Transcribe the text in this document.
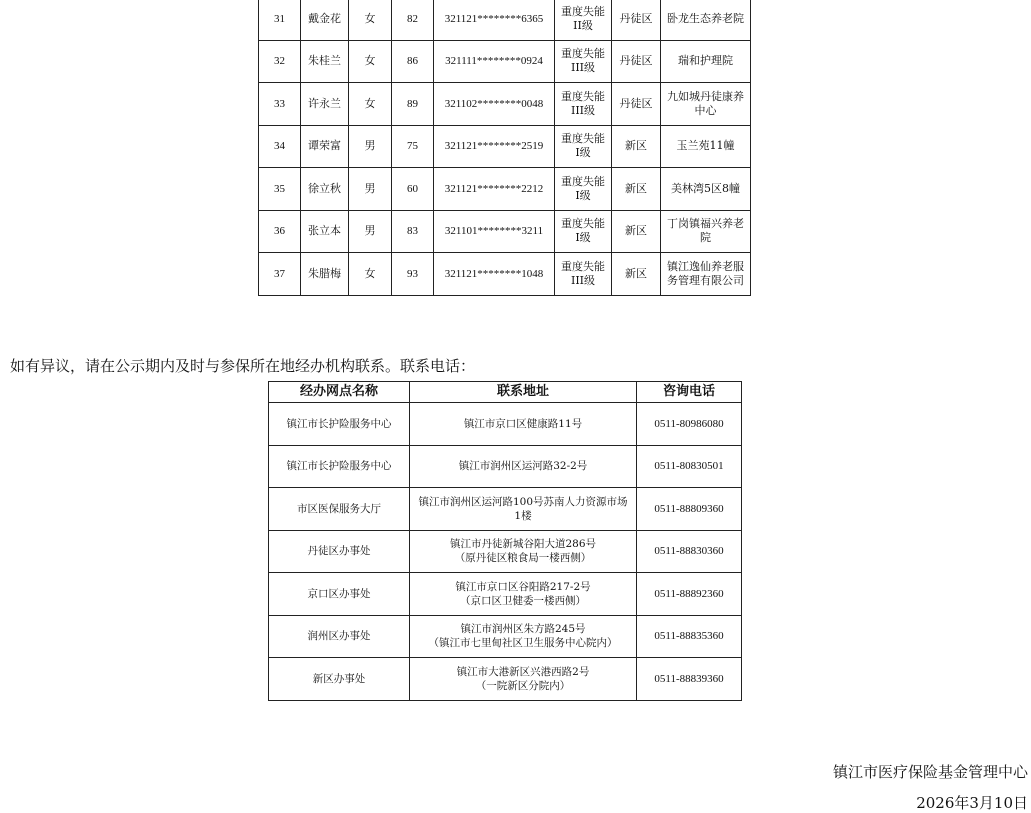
31	戴金花	女	82	321121********6365	重度失能
II级	丹徒区	卧龙生态养老院

32	朱桂兰	女	86	321111********0924	重度失能
III级	丹徒区	瑞和护理院

33	许永兰	女	89	321102********0048	重度失能
III级	丹徒区	九如城丹徒康养
中心

34	谭荣富	男	75	321121********2519	重度失能
I级	新区	玉兰苑11幢

35	徐立秋	男	60	321121********2212	重度失能
I级	新区	美林湾5区8幢

36	张立本	男	83	321101********3211	重度失能
I级	新区	丁岗镇福兴养老
院

37	朱腊梅	女	93	321121********1048	重度失能
III级	新区	镇江逸仙养老服
务管理有限公司
如有异议，请在公示期内及时与参保所在地经办机构联系。联系电话：
经办网点名称	联系地址	咨询电话
镇江市长护险服务中心	镇江市京口区健康路11号	0511-80986080
镇江市长护险服务中心	镇江市润州区运河路32-2号	0511-80830501
市区医保服务大厅	镇江市润州区运河路100号苏南人力资源市场
1楼	0511-88809360
丹徒区办事处	镇江市丹徒新城谷阳大道286号
（原丹徒区粮食局一楼西侧）	0511-88830360
京口区办事处	镇江市京口区谷阳路217-2号
（京口区卫健委一楼西侧）	0511-88892360
润州区办事处	镇江市润州区朱方路245号
（镇江市七里甸社区卫生服务中心院内）	0511-88835360
新区办事处	镇江市大港新区兴港西路2号
（一院新区分院内）	0511-88839360
镇江市医疗保险基金管理中心
2026年3月10日
